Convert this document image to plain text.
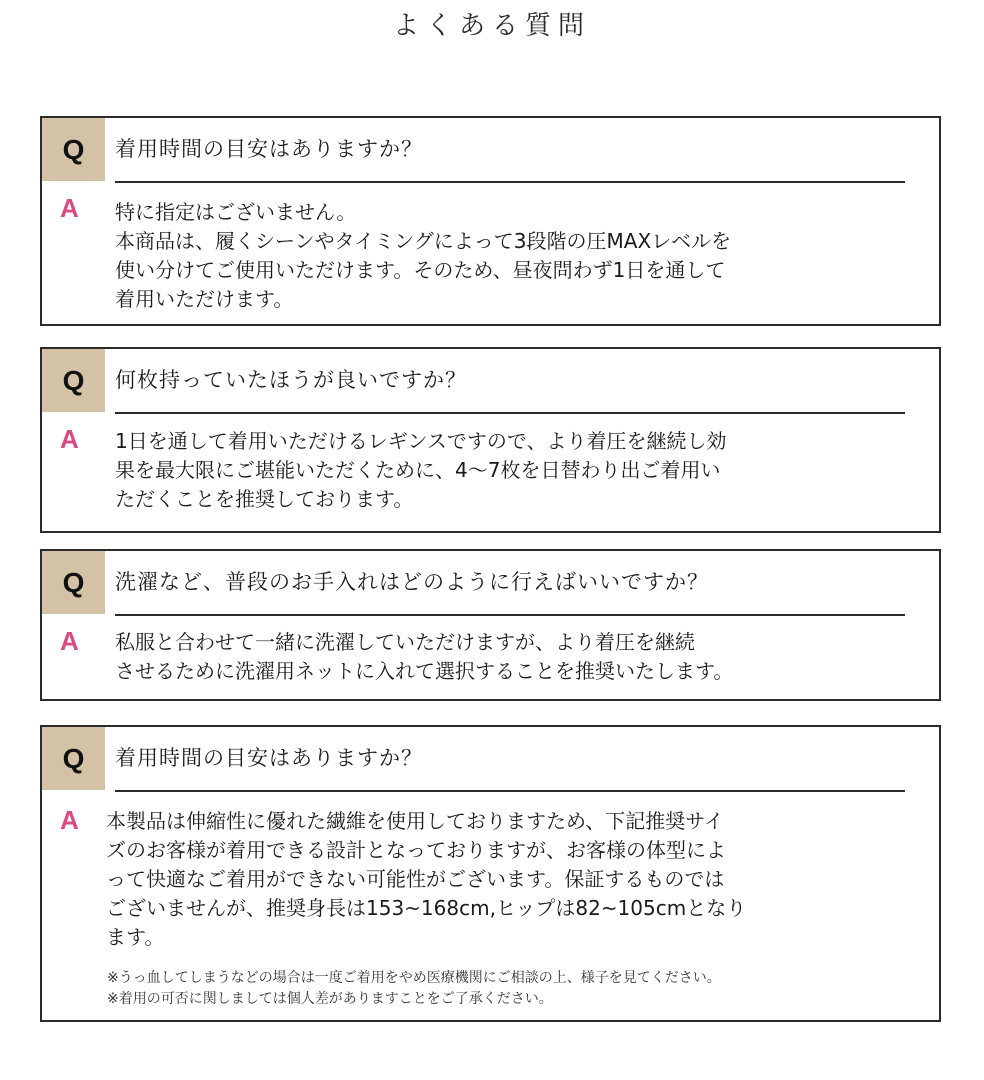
よくある質問
Q	着用時間の目安はありますか？
A 特に指定はございません。
本商品は、履くシーンやタイミングによって3段階の圧MAXレベルを
使い分けてご使用いただけます。そのため、昼夜問わず1日を通して
着用いただけます。
Q	何枚持っていたほうが良いですか？
A 1日を通して着用いただけるレギンスですので、より着圧を継続し効
果を最大限にご堪能いただくために、4〜7枚を日替わり出ご着用い
ただくことを推奨しております。
Q	洗濯など、普段のお手入れはどのように行えばいいですか？
A 私服と合わせて一緒に洗濯していただけますが、より着圧を継続
させるために洗濯用ネットに入れて選択することを推奨いたします。
Q	着用時間の目安はありますか？
A 本製品は伸縮性に優れた繊維を使用しておりますため、下記推奨サイ
ズのお客様が着用できる設計となっておりますが、お客様の体型によ
って快適なご着用ができない可能性がございます。保証するものでは
ございませんが、推奨身長は153~168cm,ヒップは82~105cmとなり
ます。
※うっ血してしまうなどの場合は一度ご着用をやめ医療機関にご相談の上、様子を見てください。
※着用の可否に関しましては個人差がありますことをご了承ください。
